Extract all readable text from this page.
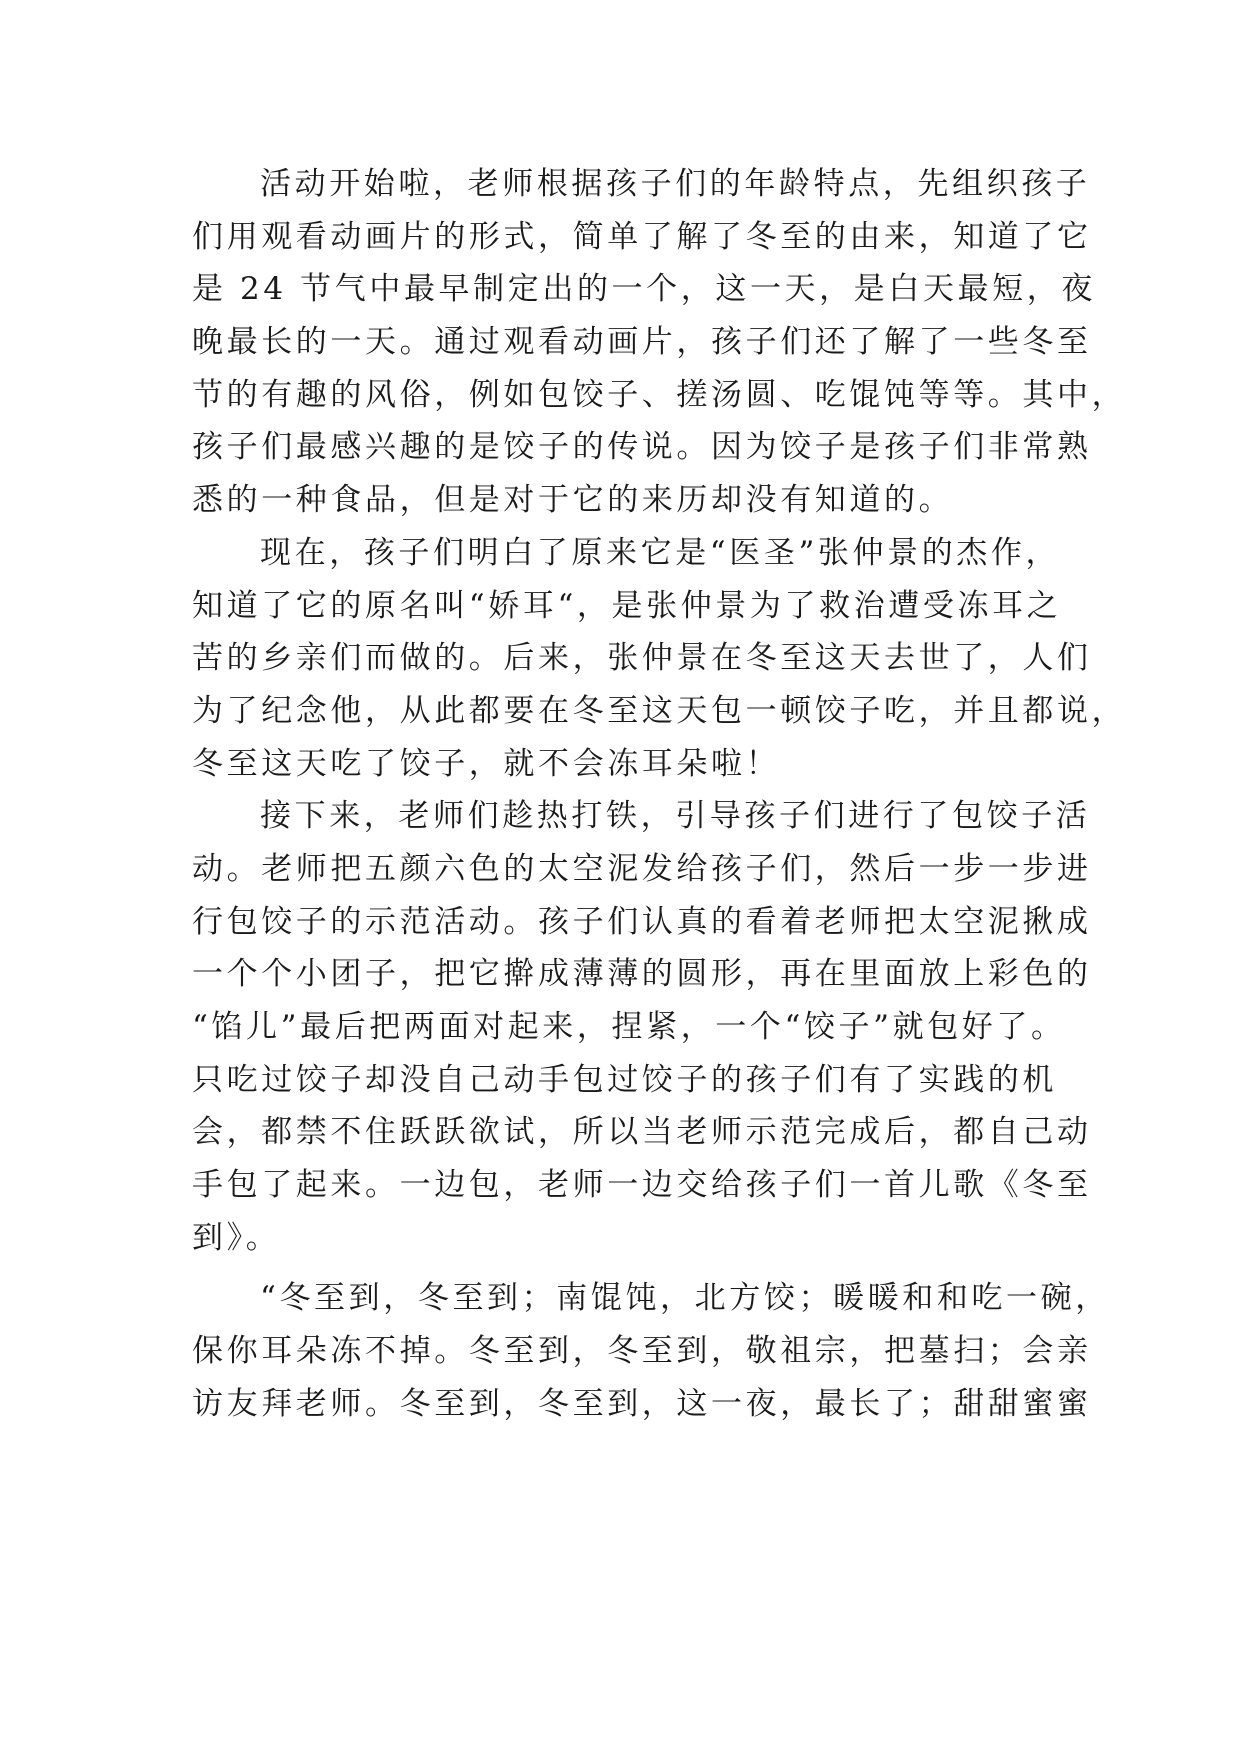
活动开始啦，老师根据孩子们的年龄特点，先组织孩子
们用观看动画片的形式，简单了解了冬至的由来，知道了它
是 24 节气中最早制定出的一个，这一天，是白天最短，夜
晚最长的一天。通过观看动画片，孩子们还了解了一些冬至
节的有趣的风俗，例如包饺子、搓汤圆、吃馄饨等等。其中，
孩子们最感兴趣的是饺子的传说。因为饺子是孩子们非常熟
悉的一种食品，但是对于它的来历却没有知道的。
现在，孩子们明白了原来它是“医圣”张仲景的杰作，
知道了它的原名叫“娇耳“，是张仲景为了救治遭受冻耳之
苦的乡亲们而做的。后来，张仲景在冬至这天去世了，人们
为了纪念他，从此都要在冬至这天包一顿饺子吃，并且都说，
冬至这天吃了饺子，就不会冻耳朵啦！
接下来，老师们趁热打铁，引导孩子们进行了包饺子活
动。老师把五颜六色的太空泥发给孩子们，然后一步一步进
行包饺子的示范活动。孩子们认真的看着老师把太空泥揪成
一个个小团子，把它擀成薄薄的圆形，再在里面放上彩色的
“馅儿”最后把两面对起来，捏紧，一个“饺子”就包好了。
只吃过饺子却没自己动手包过饺子的孩子们有了实践的机
会，都禁不住跃跃欲试，所以当老师示范完成后，都自己动
手包了起来。一边包，老师一边交给孩子们一首儿歌《冬至
到》。
“冬至到，冬至到；南馄饨，北方饺；暖暖和和吃一碗，
保你耳朵冻不掉。冬至到，冬至到，敬祖宗，把墓扫；会亲
访友拜老师。冬至到，冬至到，这一夜，最长了；甜甜蜜蜜
